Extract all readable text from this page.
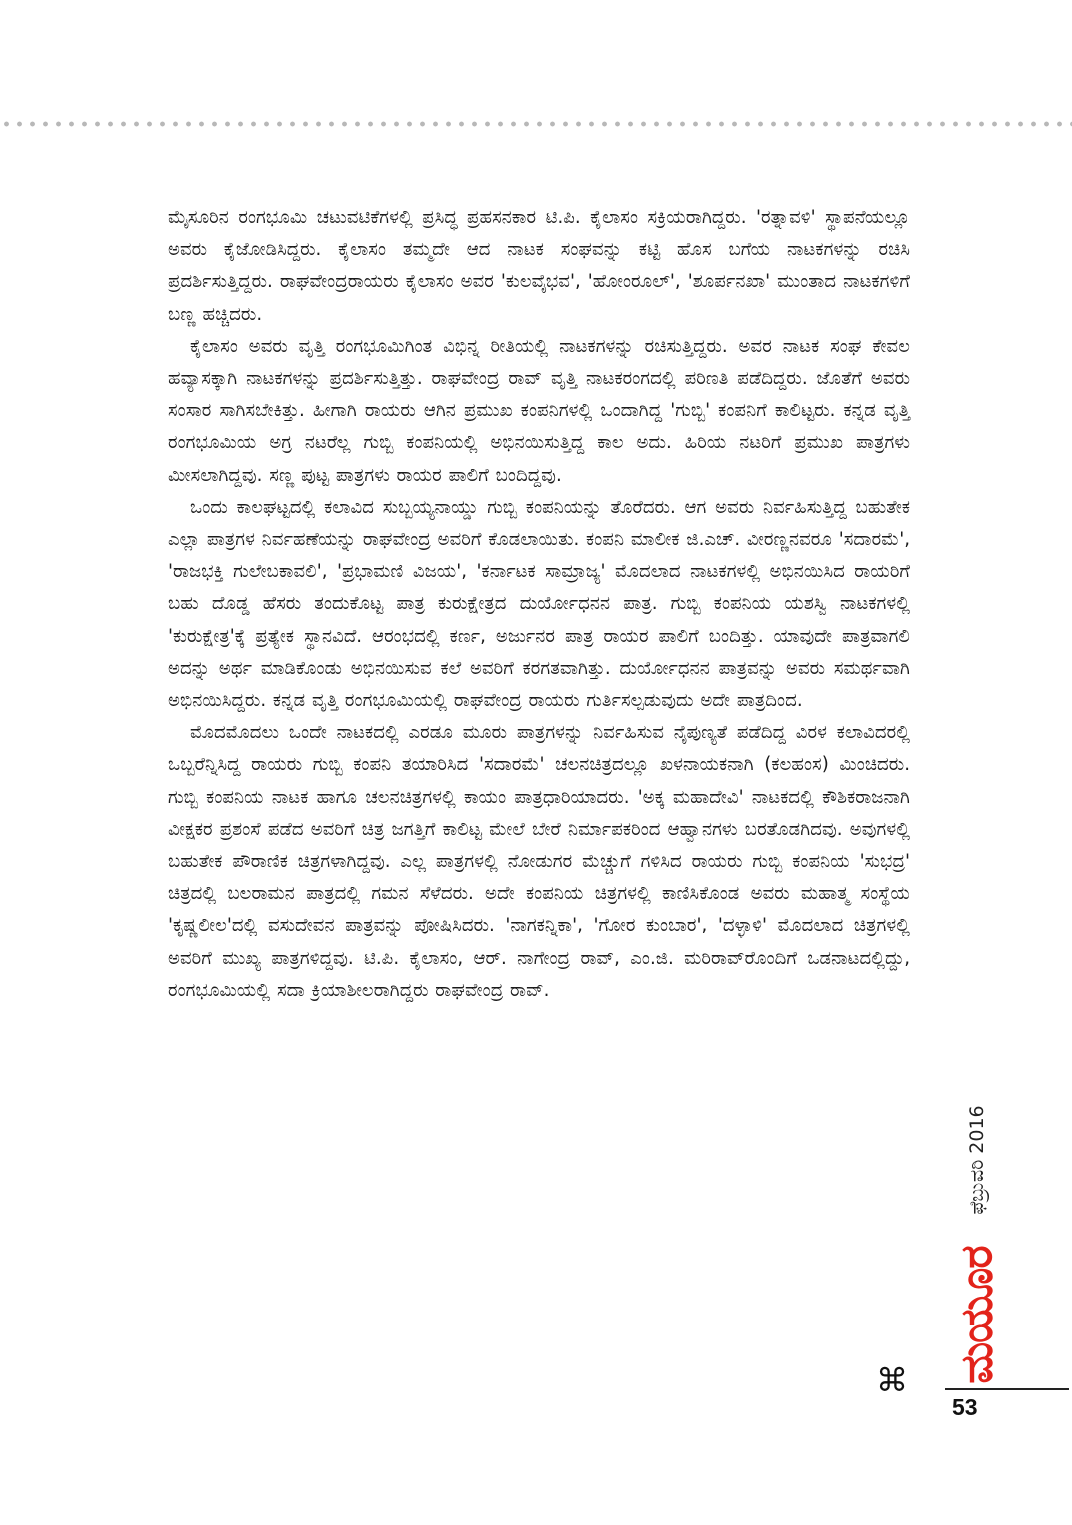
ಮೈಸೂರಿನ ರಂಗಭೂಮಿ ಚಟುವಟಿಕೆಗಳಲ್ಲಿ ಪ್ರಸಿದ್ಧ ಪ್ರಹಸನಕಾರ ಟಿ.ಪಿ. ಕೈಲಾಸಂ ಸಕ್ರಿಯರಾಗಿದ್ದರು. 'ರತ್ನಾವಳಿ' ಸ್ಥಾಪನೆಯಲ್ಲೂ ಅವರು ಕೈಜೋಡಿಸಿದ್ದರು. ಕೈಲಾಸಂ ತಮ್ಮದೇ ಆದ ನಾಟಕ ಸಂಘವನ್ನು ಕಟ್ಟಿ ಹೊಸ ಬಗೆಯ ನಾಟಕಗಳನ್ನು ರಚಿಸಿ ಪ್ರದರ್ಶಿಸುತ್ತಿದ್ದರು. ರಾಘವೇಂದ್ರರಾಯರು ಕೈಲಾಸಂ ಅವರ 'ಕುಲವೈಭವ', 'ಹೋಂರೂಲ್', 'ಶೂರ್ಪನಖಾ' ಮುಂತಾದ ನಾಟಕಗಳಿಗೆ ಬಣ್ಣ ಹಚ್ಚಿದರು.

ಕೈಲಾಸಂ ಅವರು ವೃತ್ತಿ ರಂಗಭೂಮಿಗಿಂತ ವಿಭಿನ್ನ ರೀತಿಯಲ್ಲಿ ನಾಟಕಗಳನ್ನು ರಚಿಸುತ್ತಿದ್ದರು. ಅವರ ನಾಟಕ ಸಂಘ ಕೇವಲ ಹವ್ಯಾಸಕ್ಕಾಗಿ ನಾಟಕಗಳನ್ನು ಪ್ರದರ್ಶಿಸುತ್ತಿತ್ತು. ರಾಘವೇಂದ್ರ ರಾವ್ ವೃತ್ತಿ ನಾಟಕರಂಗದಲ್ಲಿ ಪರಿಣತಿ ಪಡೆದಿದ್ದರು. ಜೊತೆಗೆ ಅವರು ಸಂಸಾರ ಸಾಗಿಸಬೇಕಿತ್ತು. ಹೀಗಾಗಿ ರಾಯರು ಆಗಿನ ಪ್ರಮುಖ ಕಂಪನಿಗಳಲ್ಲಿ ಒಂದಾಗಿದ್ದ 'ಗುಬ್ಬಿ' ಕಂಪನಿಗೆ ಕಾಲಿಟ್ಟರು. ಕನ್ನಡ ವೃತ್ತಿ ರಂಗಭೂಮಿಯ ಅಗ್ರ ನಟರೆಲ್ಲ ಗುಬ್ಬಿ ಕಂಪನಿಯಲ್ಲಿ ಅಭಿನಯಿಸುತ್ತಿದ್ದ ಕಾಲ ಅದು. ಹಿರಿಯ ನಟರಿಗೆ ಪ್ರಮುಖ ಪಾತ್ರಗಳು ಮೀಸಲಾಗಿದ್ದವು. ಸಣ್ಣ ಪುಟ್ಟ ಪಾತ್ರಗಳು ರಾಯರ ಪಾಲಿಗೆ ಬಂದಿದ್ದವು.

ಒಂದು ಕಾಲಘಟ್ಟದಲ್ಲಿ ಕಲಾವಿದ ಸುಬ್ಬಯ್ಯನಾಯ್ಡು ಗುಬ್ಬಿ ಕಂಪನಿಯನ್ನು ತೊರೆದರು. ಆಗ ಅವರು ನಿರ್ವಹಿಸುತ್ತಿದ್ದ ಬಹುತೇಕ ಎಲ್ಲಾ ಪಾತ್ರಗಳ ನಿರ್ವಹಣೆಯನ್ನು ರಾಘವೇಂದ್ರ ಅವರಿಗೆ ಕೊಡಲಾಯಿತು. ಕಂಪನಿ ಮಾಲೀಕ ಜಿ.ಎಚ್. ವೀರಣ್ಣನವರೂ 'ಸದಾರಮೆ', 'ರಾಜಭಕ್ತಿ ಗುಲೇಬಕಾವಲಿ', 'ಪ್ರಭಾಮಣಿ ವಿಜಯ', 'ಕರ್ನಾಟಕ ಸಾಮ್ರಾಜ್ಯ' ಮೊದಲಾದ ನಾಟಕಗಳಲ್ಲಿ ಅಭಿನಯಿಸಿದ ರಾಯರಿಗೆ ಬಹು ದೊಡ್ಡ ಹೆಸರು ತಂದುಕೊಟ್ಟ ಪಾತ್ರ ಕುರುಕ್ಷೇತ್ರದ ದುರ್ಯೋಧನನ ಪಾತ್ರ. ಗುಬ್ಬಿ ಕಂಪನಿಯ ಯಶಸ್ವಿ ನಾಟಕಗಳಲ್ಲಿ 'ಕುರುಕ್ಷೇತ್ರ'ಕ್ಕೆ ಪ್ರತ್ಯೇಕ ಸ್ಥಾನವಿದೆ. ಆರಂಭದಲ್ಲಿ ಕರ್ಣ, ಅರ್ಜುನರ ಪಾತ್ರ ರಾಯರ ಪಾಲಿಗೆ ಬಂದಿತ್ತು. ಯಾವುದೇ ಪಾತ್ರವಾಗಲಿ ಅದನ್ನು ಅರ್ಥ ಮಾಡಿಕೊಂಡು ಅಭಿನಯಿಸುವ ಕಲೆ ಅವರಿಗೆ ಕರಗತವಾಗಿತ್ತು. ದುರ್ಯೋಧನನ ಪಾತ್ರವನ್ನು ಅವರು ಸಮರ್ಥವಾಗಿ ಅಭಿನಯಿಸಿದ್ದರು. ಕನ್ನಡ ವೃತ್ತಿ ರಂಗಭೂಮಿಯಲ್ಲಿ ರಾಘವೇಂದ್ರ ರಾಯರು ಗುರ್ತಿಸಲ್ಪಡುವುದು ಅದೇ ಪಾತ್ರದಿಂದ.

ಮೊದಮೊದಲು ಒಂದೇ ನಾಟಕದಲ್ಲಿ ಎರಡೂ ಮೂರು ಪಾತ್ರಗಳನ್ನು ನಿರ್ವಹಿಸುವ ನೈಪುಣ್ಯತೆ ಪಡೆದಿದ್ದ ವಿರಳ ಕಲಾವಿದರಲ್ಲಿ ಒಬ್ಬರೆನ್ನಿಸಿದ್ದ ರಾಯರು ಗುಬ್ಬಿ ಕಂಪನಿ ತಯಾರಿಸಿದ 'ಸದಾರಮೆ' ಚಲನಚಿತ್ರದಲ್ಲೂ ಖಳನಾಯಕನಾಗಿ (ಕಲಹಂಸ) ಮಿಂಚಿದರು. ಗುಬ್ಬಿ ಕಂಪನಿಯ ನಾಟಕ ಹಾಗೂ ಚಲನಚಿತ್ರಗಳಲ್ಲಿ ಕಾಯಂ ಪಾತ್ರಧಾರಿಯಾದರು. 'ಅಕ್ಕ ಮಹಾದೇವಿ' ನಾಟಕದಲ್ಲಿ ಕೌಶಿಕರಾಜನಾಗಿ ವೀಕ್ಷಕರ ಪ್ರಶಂಸೆ ಪಡೆದ ಅವರಿಗೆ ಚಿತ್ರ ಜಗತ್ತಿಗೆ ಕಾಲಿಟ್ಟ ಮೇಲೆ ಬೇರೆ ನಿರ್ಮಾಪಕರಿಂದ ಆಹ್ವಾನಗಳು ಬರತೊಡಗಿದವು. ಅವುಗಳಲ್ಲಿ ಬಹುತೇಕ ಪೌರಾಣಿಕ ಚಿತ್ರಗಳಾಗಿದ್ದವು. ಎಲ್ಲ ಪಾತ್ರಗಳಲ್ಲಿ ನೋಡುಗರ ಮೆಚ್ಚುಗೆ ಗಳಿಸಿದ ರಾಯರು ಗುಬ್ಬಿ ಕಂಪನಿಯ 'ಸುಭದ್ರ' ಚಿತ್ರದಲ್ಲಿ ಬಲರಾಮನ ಪಾತ್ರದಲ್ಲಿ ಗಮನ ಸೆಳೆದರು. ಅದೇ ಕಂಪನಿಯ ಚಿತ್ರಗಳಲ್ಲಿ ಕಾಣಿಸಿಕೊಂಡ ಅವರು ಮಹಾತ್ಮ ಸಂಸ್ಥೆಯ 'ಕೃಷ್ಣಲೀಲ'ದಲ್ಲಿ ವಸುದೇವನ ಪಾತ್ರವನ್ನು ಪೋಷಿಸಿದರು. 'ನಾಗಕನ್ನಿಕಾ', 'ಗೋರ ಕುಂಬಾರ', 'ದಳ್ಳಾಳಿ' ಮೊದಲಾದ ಚಿತ್ರಗಳಲ್ಲಿ ಅವರಿಗೆ ಮುಖ್ಯ ಪಾತ್ರಗಳಿದ್ದವು. ಟಿ.ಪಿ. ಕೈಲಾಸಂ, ಆರ್. ನಾಗೇಂದ್ರ ರಾವ್, ಎಂ.ಜಿ. ಮರಿರಾವ್‌ರೊಂದಿಗೆ ಒಡನಾಟದಲ್ಲಿದ್ದು, ರಂಗಭೂಮಿಯಲ್ಲಿ ಸದಾ ಕ್ರಿಯಾಶೀಲರಾಗಿದ್ದರು ರಾಘವೇಂದ್ರ ರಾವ್.

⌘
ಫೆಬ್ರುವರಿ 2016
ಮಯೂರ
53
